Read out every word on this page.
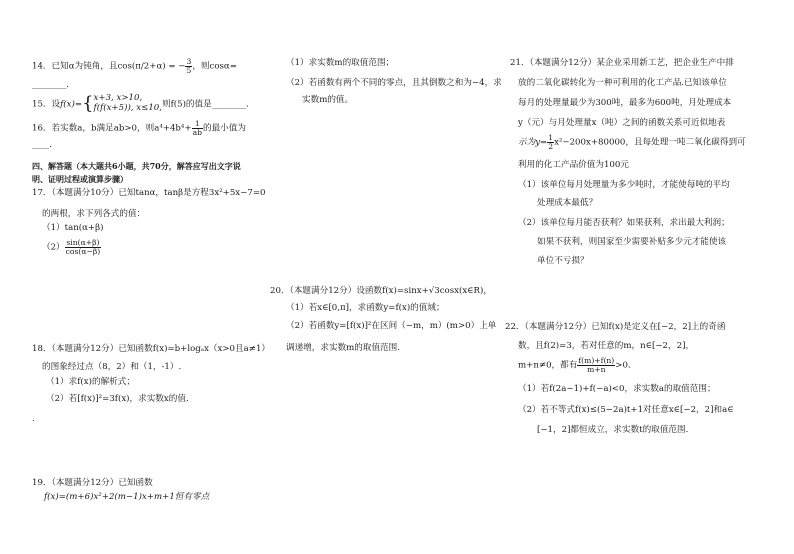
14．已知α为钝角，且cos(π/2+α) = − $\frac{3}{5}$ ，则cosα=
________．
15．设f(x)={ x+3, x>10,
f(f(x+5)), x≤10, 则f(5)的值是________．
16．若实数a，b满足ab>0，则$a^4+4b^4+ \frac{1}{ab}$ 的最小值为
____．
四、解答题（本大题共6小题，共70分，解答应写出文字说
明、证明过程或演算步骤）
17．（本题满分10分）已知tanα，tanβ是方程3x²+5x−7=0
的两根，求下列各式的值：
（1）tan(α+β)
$(2) \frac{\sin(\alpha+\beta)}{\cos(\alpha-\beta)}$
18．（本题满分12分）已知函数f(x)=b+logₐx（x>0且a≠1）
的图象经过点（8，2）和（1，-1）.
（1）求f(x)的解析式；
（2）若[f(x)]²=3f(x)，求实数x的值．
.
19．（本题满分12分）已知函数
f(x)=(m+6)x²+2(m−1)x+m+1恒有零点
（1）求实数m的取值范围；
（2）若函数有两个不同的零点，且其倒数之和为−4，求
实数m的值。
20．（本题满分12分）设函数f(x)=sinx+√3cosx(x∈R)，
（1）若x∈[0,π]，求函数y=f(x)的值域；
（2）若函数y=[f(x)]²在区间（−m，m）(m>0）上单
调递增，求实数m的取值范围.
21．（本题满分12分）某企业采用新工艺，把企业生产中排
放的二氧化碳转化为一种可利用的化工产品.已知该单位
每月的处理量最少为300吨，最多为600吨，月处理成本
y（元）与月处理量x（吨）之间的函数关系可近似地表
示为$y= \frac{1}{2} x^2-200x+80000$，且每处理一吨二氧化碳得到可
利用的化工产品价值为100元
（1）该单位每月处理量为多少吨时，才能使每吨的平均
处理成本最低？
（2）该单位每月能否获利？如果获利，求出最大利润；
如果不获利，则国家至少需要补贴多少元才能使该
单位不亏损？
22．（本题满分12分）已知f(x)是定义在[−2，2]上的奇函
数，且f(2)=3，若对任意的m，n∈[−2，2]，
m+n≠0，都有 $\frac{f(m)+f(n)}{m+n} >0$．
（1）若f(2a−1)+f(−a)<0，求实数a的取值范围；
（2）若不等式f(x)≤(5−2a)t+1对任意x∈[−2，2]和a∈
[−1，2]都恒成立，求实数t的取值范围．
